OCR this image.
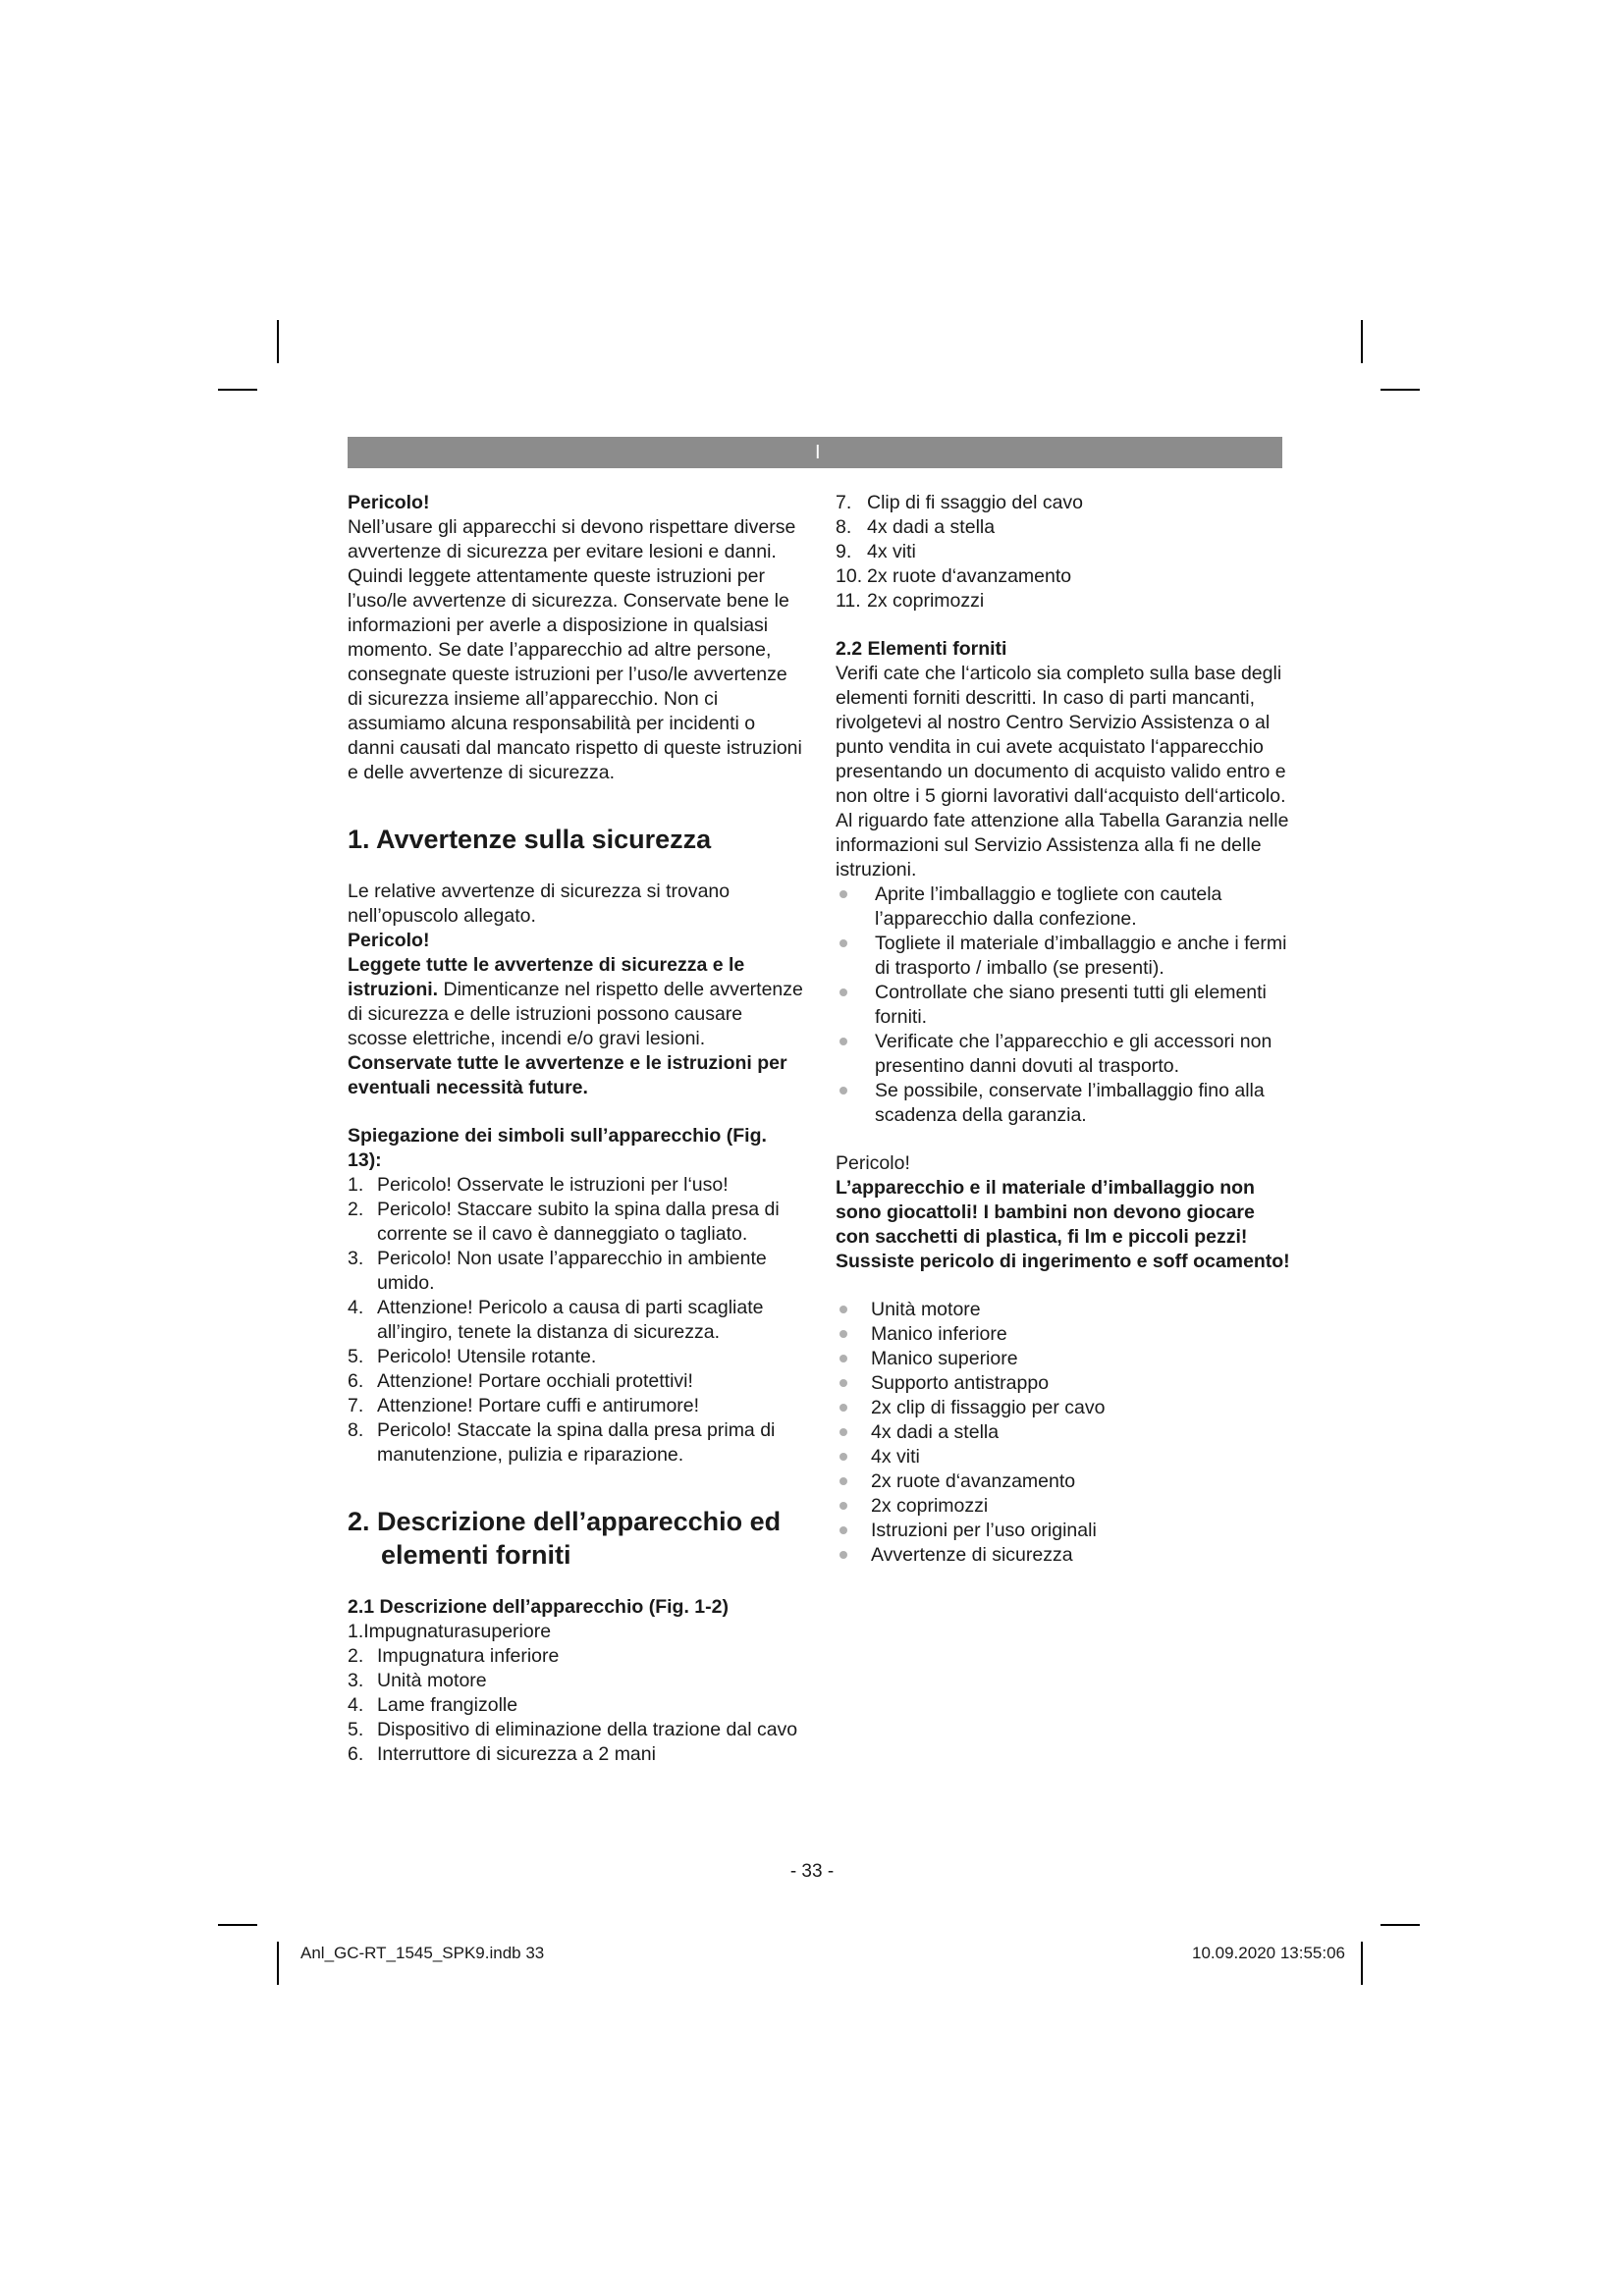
I

Pericolo!

Nell’usare gli apparecchi si devono rispettare diverse avvertenze di sicurezza per evitare lesioni e danni. Quindi leggete attentamente queste istruzioni per l’uso/le avvertenze di sicurezza. Conservate bene le informazioni per averle a disposizione in qualsiasi momento. Se date l’apparecchio ad altre persone, consegnate queste istruzioni per l’uso/le avvertenze di sicurezza insieme all’apparecchio. Non ci assumiamo alcuna responsabilità per incidenti o danni causati dal mancato rispetto di queste istruzioni e delle avvertenze di sicurezza.

1. Avvertenze sulla sicurezza

Le relative avvertenze di sicurezza si trovano nell’opuscolo allegato.

Pericolo!

Leggete tutte le avvertenze di sicurezza e le istruzioni. Dimenticanze nel rispetto delle avvertenze di sicurezza e delle istruzioni possono causare scosse elettriche, incendi e/o gravi lesioni.

Conservate tutte le avvertenze e le istruzioni per eventuali necessità future.

Spiegazione dei simboli sull’apparecchio (Fig. 13):

1. Pericolo! Osservate le istruzioni per l‘uso!
2. Pericolo! Staccare subito la spina dalla presa di corrente se il cavo è danneggiato o tagliato.
3. Pericolo! Non usate l’apparecchio in ambiente umido.
4. Attenzione! Pericolo a causa di parti scagliate all’ingiro, tenete la distanza di sicurezza.
5. Pericolo! Utensile rotante.
6. Attenzione! Portare occhiali protettivi!
7. Attenzione! Portare cuffi e antirumore!
8. Pericolo! Staccate la spina dalla presa prima di manutenzione, pulizia e riparazione.

2. Descrizione dell’apparecchio ed elementi forniti

2.1 Descrizione dell’apparecchio (Fig. 1-2)

1.Impugnaturasuperiore

2. Impugnatura inferiore
3. Unità motore
4. Lame frangizolle
5. Dispositivo di eliminazione della trazione dal cavo
6. Interruttore di sicurezza a 2 mani
7. Clip di fi ssaggio del cavo
8. 4x dadi a stella
9. 4x viti
10. 2x ruote d‘avanzamento
11. 2x coprimozzi

2.2 Elementi forniti

Verifi cate che l‘articolo sia completo sulla base degli elementi forniti descritti. In caso di parti mancanti, rivolgetevi al nostro Centro Servizio Assistenza o al punto vendita in cui avete acquistato l‘apparecchio presentando un documento di acquisto valido entro e non oltre i 5 giorni lavorativi dall‘acquisto dell‘articolo. Al riguardo fate attenzione alla Tabella Garanzia nelle informazioni sul Servizio Assistenza alla fi ne delle istruzioni.

Aprite l’imballaggio e togliete con cautela l’apparecchio dalla confezione.
Togliete il materiale d’imballaggio e anche i fermi di trasporto / imballo (se presenti).
Controllate che siano presenti tutti gli elementi forniti.
Verificate che l’apparecchio e gli accessori non presentino danni dovuti al trasporto.
Se possibile, conservate l’imballaggio fino alla scadenza della garanzia.

Pericolo!

L’apparecchio e il materiale d’imballaggio non sono giocattoli! I bambini non devono giocare con sacchetti di plastica, fi lm e piccoli pezzi! Sussiste pericolo di ingerimento e soff ocamento!

Unità motore
Manico inferiore
Manico superiore
Supporto antistrappo
2x clip di fissaggio per cavo
4x dadi a stella
4x viti
2x ruote d‘avanzamento
2x coprimozzi
Istruzioni per l’uso originali
Avvertenze di sicurezza
- 33 -
Anl_GC-RT_1545_SPK9.indb 33	10.09.2020 13:55:06
